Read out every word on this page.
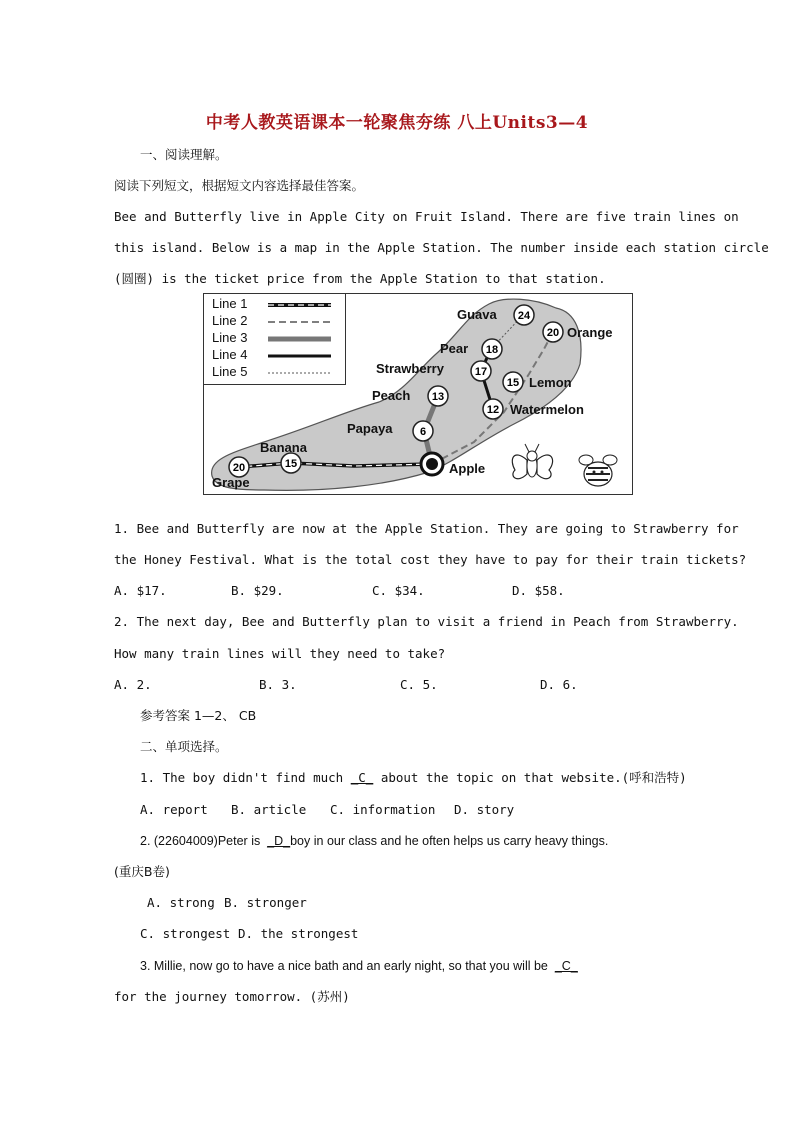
中考人教英语课本一轮聚焦夯练 八上Units3—4
一、阅读理解。
阅读下列短文，根据短文内容选择最佳答案。
Bee and Butterfly live in Apple City on Fruit Island. There are five train lines on
this island. Below is a map in the Apple Station. The number inside each station circle
(圆圈) is the ticket price from the Apple Station to that station.
24
20
18
17
15
13
12
6
15
20
Guava
Orange
Pear
Strawberry
Lemon
Peach
Watermelon
Papaya
Banana
Grape
Apple
Line 1
Line 2
Line 3
Line 4
Line 5
1. Bee and Butterfly are now at the Apple Station. They are going to Strawberry for
the Honey Festival. What is the total cost they have to pay for their train tickets?
A. $17.	B. $29.	C. $34.	D. $58.
2. The next day, Bee and Butterfly plan to visit a friend in Peach from Strawberry.
How many train lines will they need to take?
A. 2.	B. 3.	C. 5.	D. 6.
参考答案 1—2、 CB
二、单项选择。
1. The boy didn't find much _C_ about the topic on that website.(呼和浩特)
A. report B. article C. information D. story
2. (22604009)Peter is  _D_boy in our class and he often helps us carry heavy things.
(重庆B卷)
A. strong B. stronger
C. strongest D. the strongest
3. Millie, now go to have a nice bath and an early night, so that you will be  _C_
for the journey tomorrow. (苏州)
